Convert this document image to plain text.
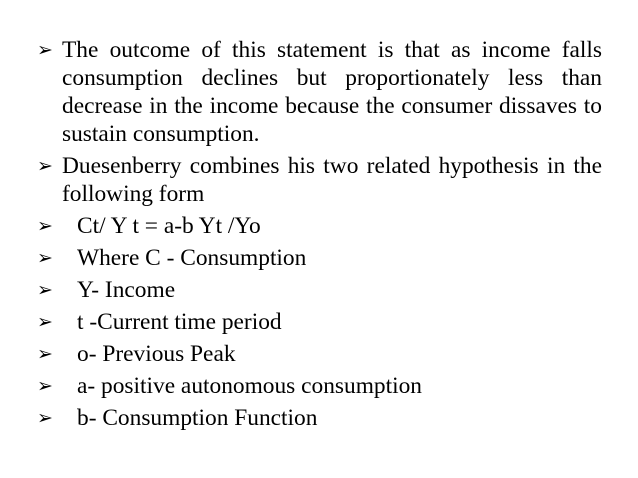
➢ The outcome of this statement is that as income falls consumption declines but proportionately less than decrease in the income because the consumer dissaves to sustain consumption.
➢ Duesenberry combines his two related hypothesis in the following form
➢ Ct/ Y t = a-b Yt /Yo
➢ Where C - Consumption
➢ Y- Income
➢ t -Current time period
➢ o- Previous Peak
➢ a- positive autonomous consumption
➢ b- Consumption Function
